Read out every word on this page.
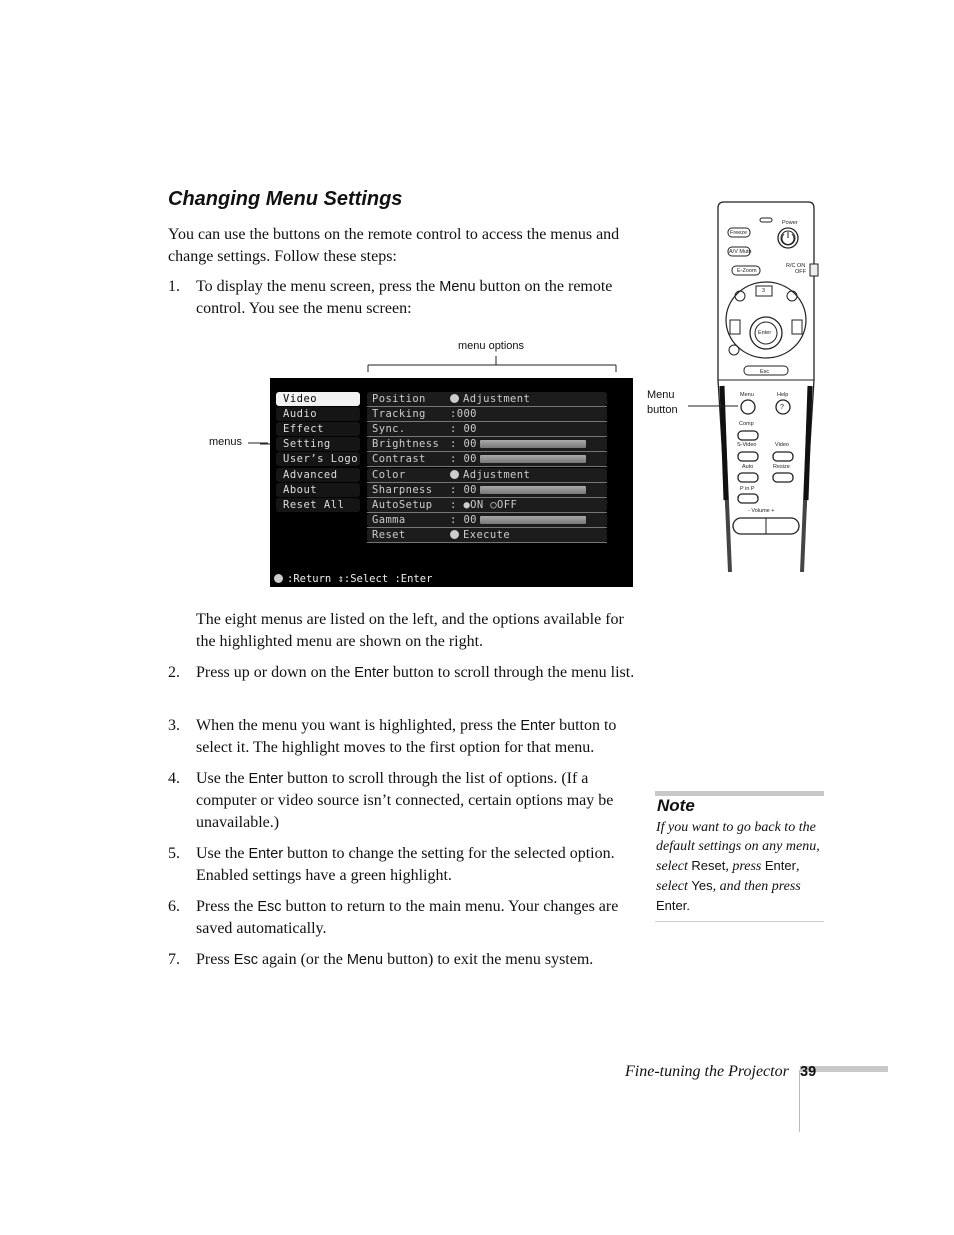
Changing Menu Settings
You can use the buttons on the remote control to access the menus and change settings. Follow these steps:
1. To display the menu screen, press the Menu button on the remote control. You see the menu screen:
menu options
menus
Video
Audio
Effect
Setting
User’s Logo
Advanced
About
Reset All
Position	Adjustment
Tracking :000
Sync.	: 00
Brightness : 00
Contrast : 00
Color	Adjustment
Sharpness : 00
AutoSetup : ●ON ○OFF
Gamma	: 00
Reset	Execute
:Return ⇕:Select :Enter
The eight menus are listed on the left, and the options available for the highlighted menu are shown on the right.
2. Press up or down on the Enter button to scroll through the menu list.
3. When the menu you want is highlighted, press the Enter button to select it. The highlight moves to the first option for that menu.
4. Use the Enter button to scroll through the list of options. (If a computer or video source isn’t connected, certain options may be unavailable.)
5. Use the Enter button to change the setting for the selected option. Enabled settings have a green highlight.
6. Press the Esc button to return to the main menu. Your changes are saved automatically.
7. Press Esc again (or the Menu button) to exit the menu system.
Power
Freeze
A/V Mute
E-Zoom
R/C ON
OFF
3
Enter
Esc
Menu	Help
?
Comp
S-Video	Video
Auto	Resize
P in P
- Volume +
Menu
button
Note
If you want to go back to the default settings on any menu, select Reset, press Enter, select Yes, and then press Enter.
Fine-tuning the Projector 39
